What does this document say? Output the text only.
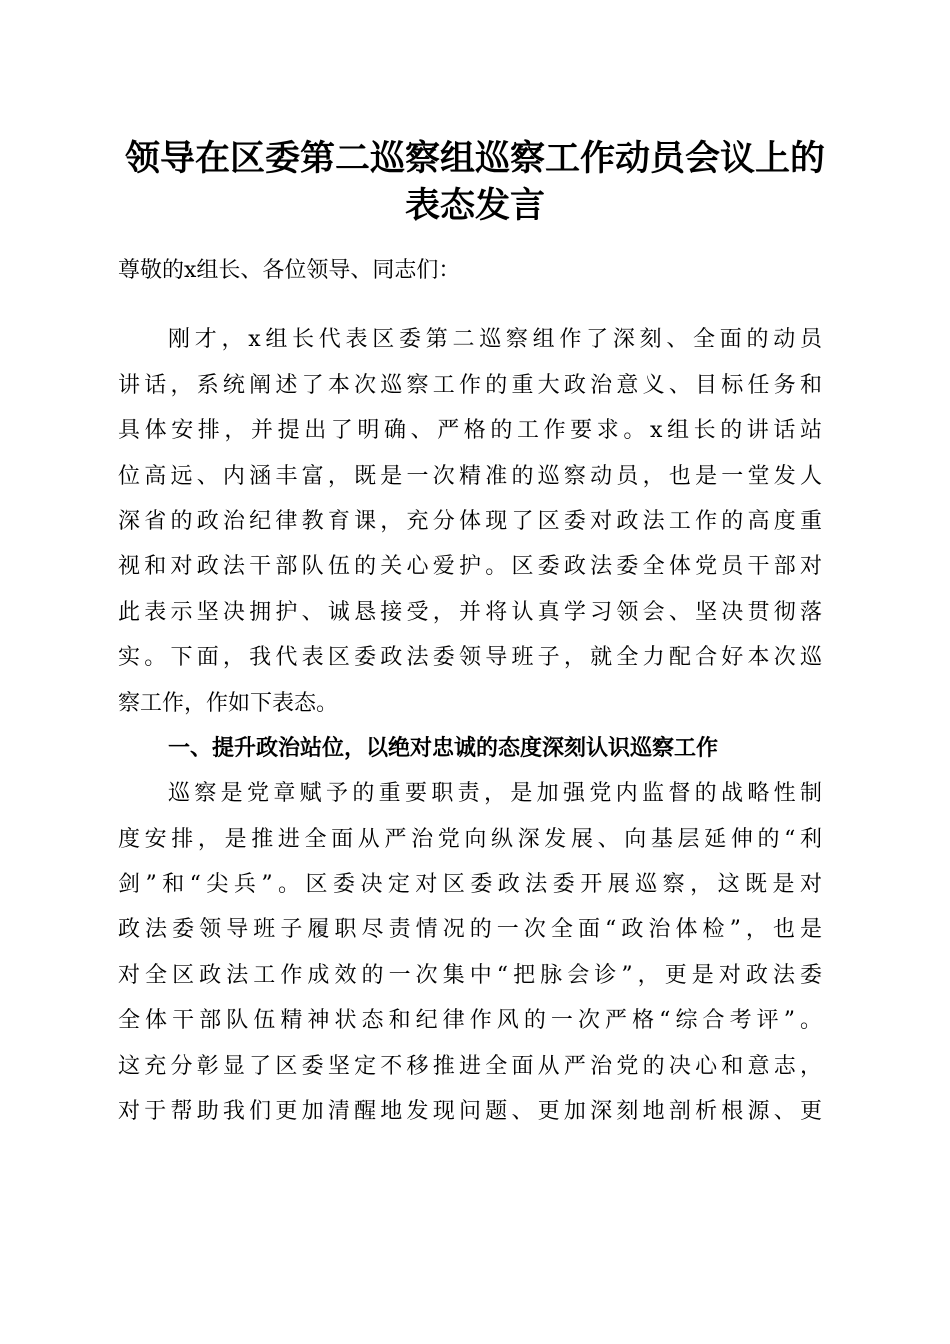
领导在区委第二巡察组巡察工作动员会议上的
表态发言
尊敬的x组长、各位领导、同志们：
刚才，x组长代表区委第二巡察组作了深刻、全面的动员
讲话，系统阐述了本次巡察工作的重大政治意义、目标任务和
具体安排，并提出了明确、严格的工作要求。x组长的讲话站
位高远、内涵丰富，既是一次精准的巡察动员，也是一堂发人
深省的政治纪律教育课，充分体现了区委对政法工作的高度重
视和对政法干部队伍的关心爱护。区委政法委全体党员干部对
此表示坚决拥护、诚恳接受，并将认真学习领会、坚决贯彻落
实。下面，我代表区委政法委领导班子，就全力配合好本次巡
察工作，作如下表态。
一、提升政治站位，以绝对忠诚的态度深刻认识巡察工作
巡察是党章赋予的重要职责，是加强党内监督的战略性制
度安排，是推进全面从严治党向纵深发展、向基层延伸的“利
剑”和“尖兵”。区委决定对区委政法委开展巡察，这既是对
政法委领导班子履职尽责情况的一次全面“政治体检”，也是
对全区政法工作成效的一次集中“把脉会诊”，更是对政法委
全体干部队伍精神状态和纪律作风的一次严格“综合考评”。
这充分彰显了区委坚定不移推进全面从严治党的决心和意志，
对于帮助我们更加清醒地发现问题、更加深刻地剖析根源、更
